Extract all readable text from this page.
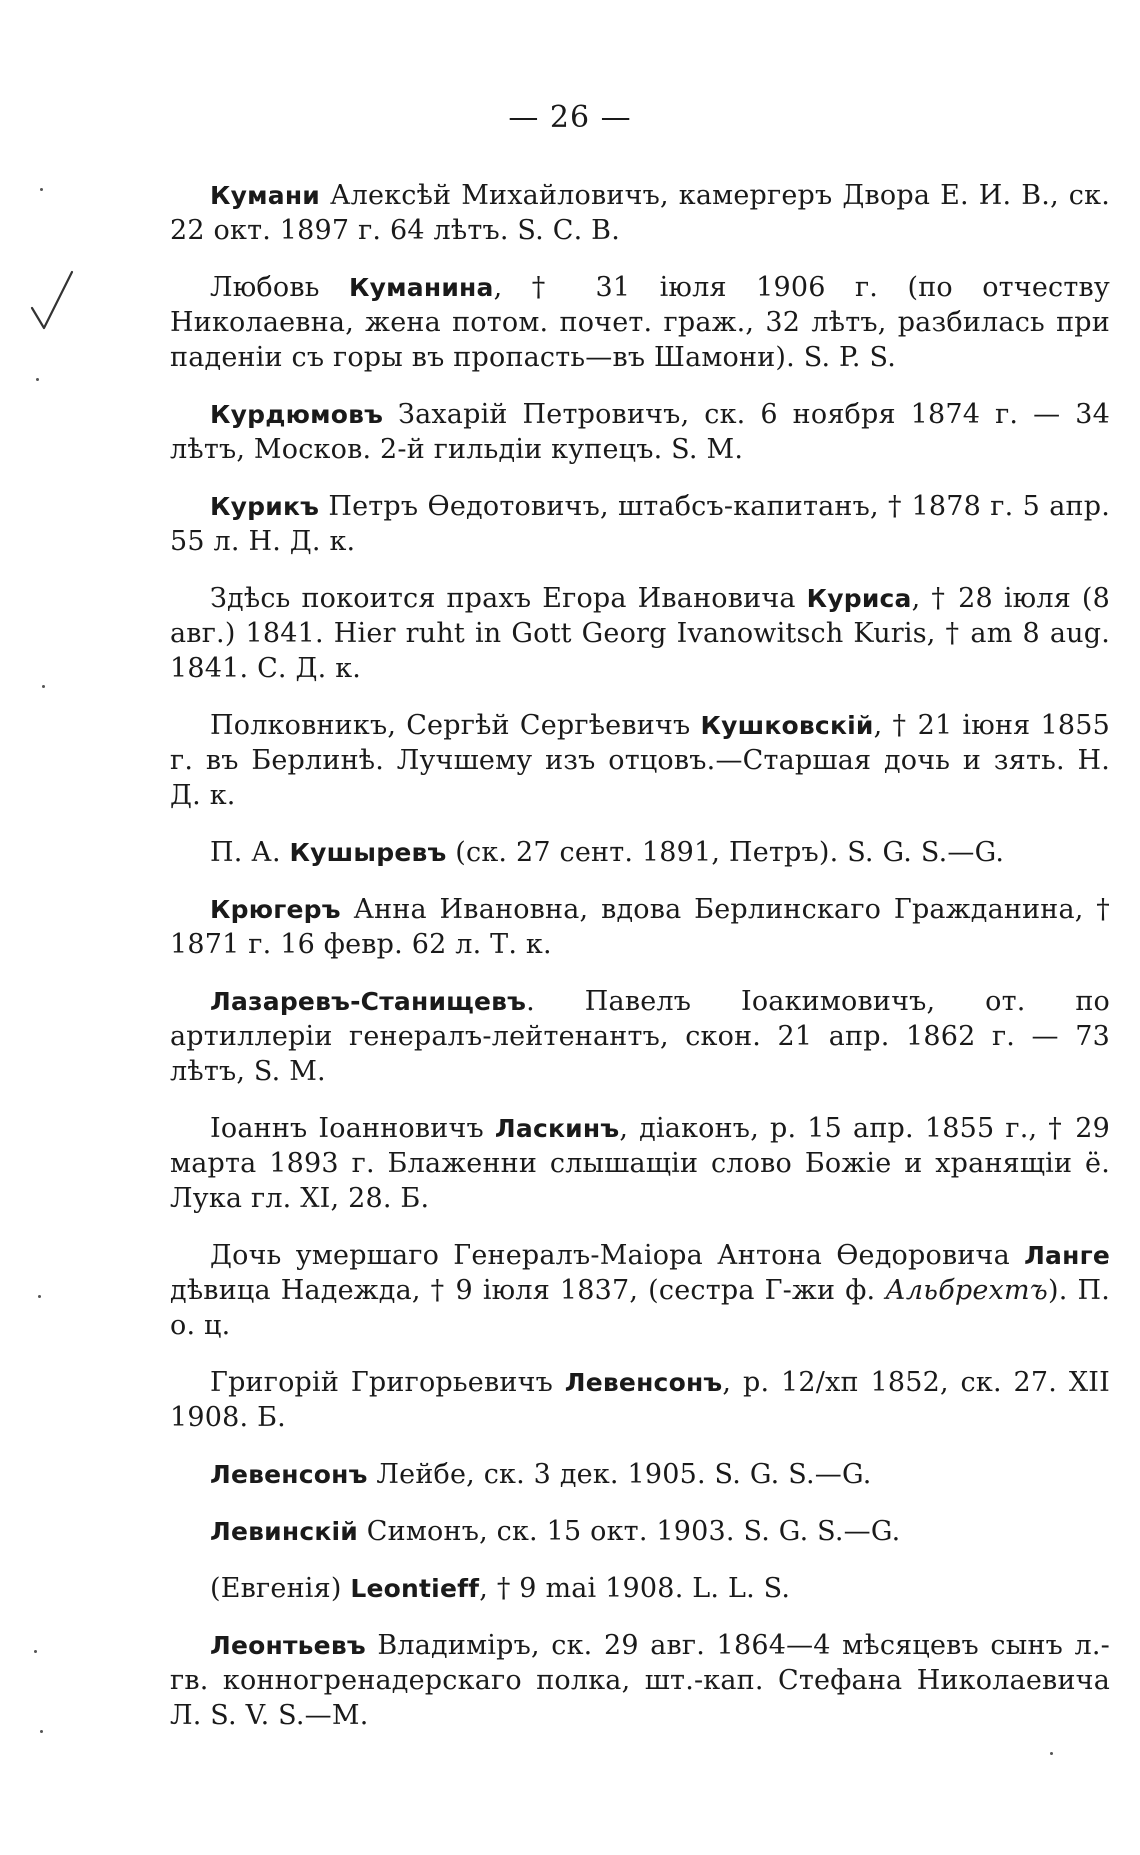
— 26 —

Кумани Алексѣй Михайловичъ, камергеръ Двора Е. И. В., ск. 22 окт. 1897 г. 64 лѣтъ. S. С. В.

Любовь Куманина, † 31 іюля 1906 г. (по отчеству Николаевна, жена потом. почет. граж., 32 лѣтъ, разбилась при паденіи съ горы въ пропасть—въ Шамони). S. P. S.

Курдюмовъ Захарій Петровичъ, ск. 6 ноября 1874 г. — 34 лѣтъ, Москов. 2-й гильдіи купецъ. S. М.

Курикъ Петръ Ѳедотовичъ, штабсъ-капитанъ, † 1878 г. 5 апр. 55 л. Н. Д. к.

Здѣсь покоится прахъ Егора Ивановича Куриса, † 28 іюля (8 авг.) 1841. Hier ruht in Gott Georg Ivanowitsch Kuris, † am 8 aug. 1841. С. Д. к.

Полковникъ, Сергѣй Сергѣевичъ Кушковскій, † 21 іюня 1855 г. въ Берлинѣ. Лучшему изъ отцовъ.—Старшая дочь и зять. Н. Д. к.

П. А. Кушыревъ (ск. 27 сент. 1891, Петръ). S. G. S.—G.

Крюгеръ Анна Ивановна, вдова Берлинскаго Гражданина, † 1871 г. 16 февр. 62 л. Т. к.

Лазаревъ-Станищевъ. Павелъ Іоакимовичъ, от. по артиллеріи генералъ-лейтенантъ, скон. 21 апр. 1862 г. — 73 лѣтъ, S. М.

Іоаннъ Іоанновичъ Ласкинъ, діаконъ, р. 15 апр. 1855 г., † 29 марта 1893 г. Блаженни слышащіи слово Божіе и хранящіи ё. Лука гл. XI, 28. Б.

Дочь умершаго Генералъ-Маіора Антона Ѳедоровича Ланге дѣвица Надежда, † 9 іюля 1837, (сестра Г-жи ф. Альбрехтъ). П. о. ц.

Григорій Григорьевичъ Левенсонъ, р. 12/хп 1852, ск. 27. ХII 1908. Б.

Левенсонъ Лейбе, ск. 3 дек. 1905. S. G. S.—G.

Левинскій Симонъ, ск. 15 окт. 1903. S. G. S.—G.

(Евгенія) Leontieff, † 9 mai 1908. L. L. S.

Леонтьевъ Владиміръ, ск. 29 авг. 1864—4 мѣсяцевъ сынъ л.-гв. конногренадерскаго полка, шт.-кап. Стефана Николаевича Л. S. V. S.—М.
